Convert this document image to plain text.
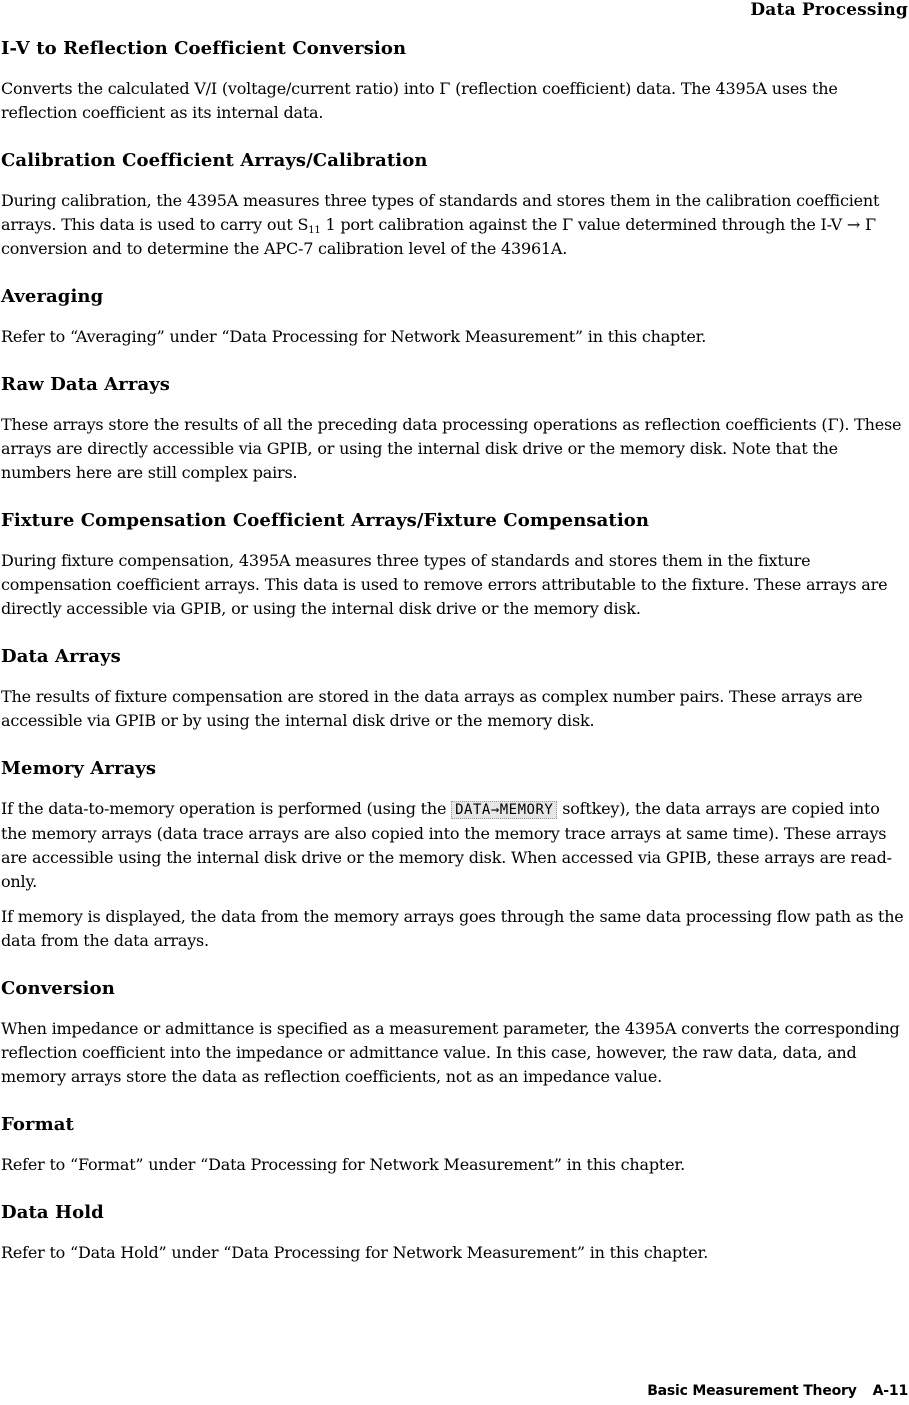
Data Processing
I-V to Reflection Coefficient Conversion

Converts the calculated V/I (voltage/current ratio) into Γ (reflection coefficient) data. The 4395A uses the reflection coefficient as its internal data.

Calibration Coefficient Arrays/Calibration

During calibration, the 4395A measures three types of standards and stores them in the calibration coefficient arrays. This data is used to carry out $S_{11}$ 1 port calibration against the Γ value determined through the I-V → Γ conversion and to determine the APC-7 calibration level of the 43961A.

Averaging

Refer to “Averaging” under “Data Processing for Network Measurement” in this chapter.

Raw Data Arrays

These arrays store the results of all the preceding data processing operations as reflection coefficients (Γ). These arrays are directly accessible via GPIB, or using the internal disk drive or the memory disk. Note that the numbers here are still complex pairs.

Fixture Compensation Coefficient Arrays/Fixture Compensation

During fixture compensation, 4395A measures three types of standards and stores them in the fixture compensation coefficient arrays. This data is used to remove errors attributable to the fixture. These arrays are directly accessible via GPIB, or using the internal disk drive or the memory disk.

Data Arrays

The results of fixture compensation are stored in the data arrays as complex number pairs. These arrays are accessible via GPIB or by using the internal disk drive or the memory disk.

Memory Arrays

If the data-to-memory operation is performed (using the DATA→MEMORY softkey), the data arrays are copied into the memory arrays (data trace arrays are also copied into the memory trace arrays at same time). These arrays are accessible using the internal disk drive or the memory disk. When accessed via GPIB, these arrays are read-only.

If memory is displayed, the data from the memory arrays goes through the same data processing flow path as the data from the data arrays.

Conversion

When impedance or admittance is specified as a measurement parameter, the 4395A converts the corresponding reflection coefficient into the impedance or admittance value. In this case, however, the raw data, data, and memory arrays store the data as reflection coefficients, not as an impedance value.

Format

Refer to “Format” under “Data Processing for Network Measurement” in this chapter.

Data Hold

Refer to “Data Hold” under “Data Processing for Network Measurement” in this chapter.

Basic Measurement Theory A-11
